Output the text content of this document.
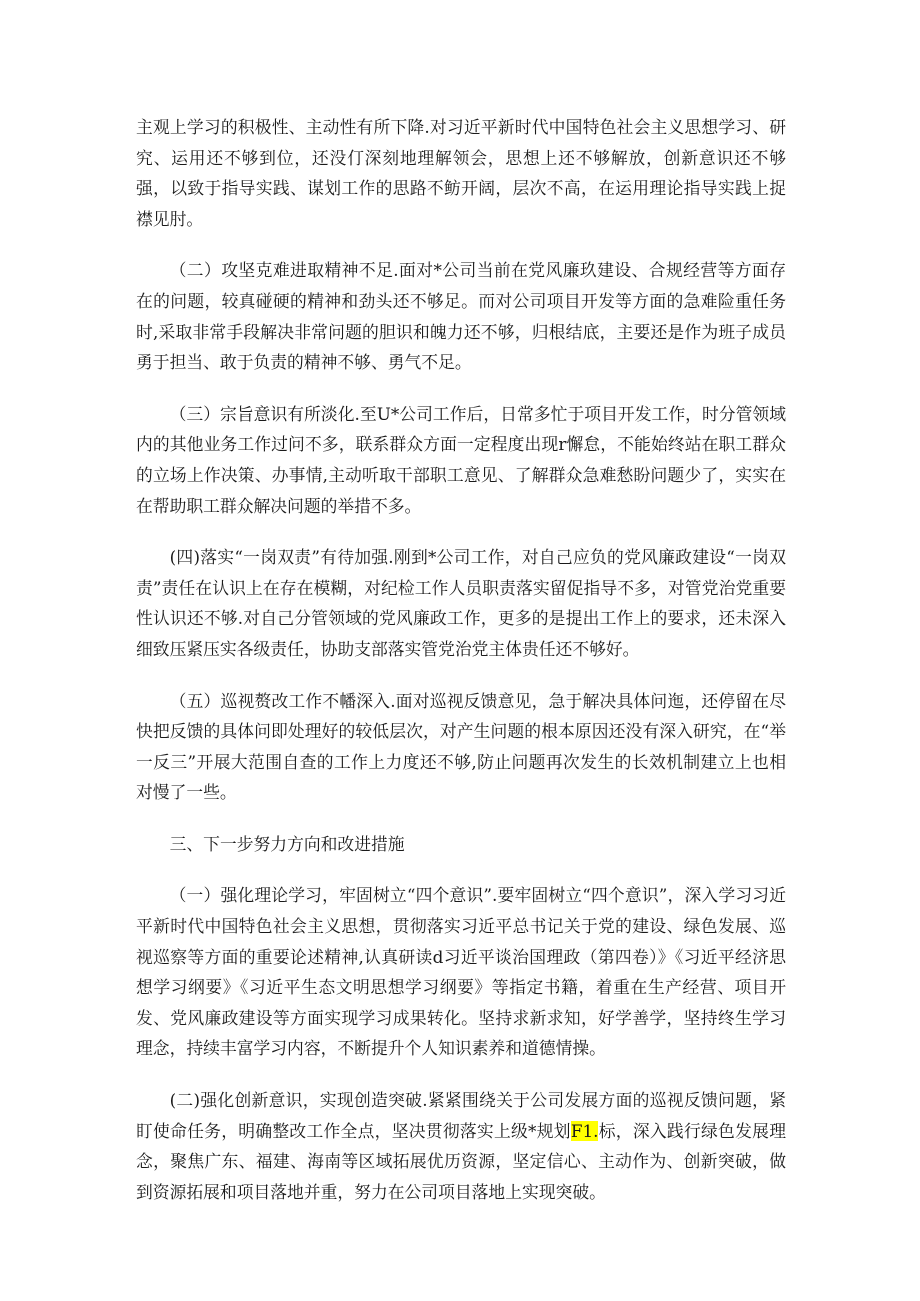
主观上学习的积极性、主动性有所下降.对习近平新时代中国特色社会主义思想学习、研究、运用还不够到位，还没仃深刻地理解领会，思想上还不够解放，创新意识还不够强，以致于指导实践、谋划工作的思路不鲂开阔，层次不高，在运用理论指导实践上捉襟见肘。

（二）攻坚克难进取精神不足.面对*公司当前在党风廉玖建设、合规经营等方面存在的问题，较真碰硬的精神和劲头还不够足。而对公司项目开发等方面的急难险重任务时,采取非常手段解决非常问题的胆识和魄力还不够，归根结底，主要还是作为班子成员勇于担当、敢于负责的精神不够、勇气不足。

（三）宗旨意识有所淡化.至U*公司工作后，日常多忙于项目开发工作，时分管领域内的其他业务工作过问不多，联系群众方面一定程度出现r懈怠，不能始终站在职工群众的立场上作决策、办事情,主动听取干部职工意见、了解群众急难愁盼问题少了，实实在在帮助职工群众解决问题的举措不多。

(四)落实“一岗双责”有待加强.刚到*公司工作，对自己应负的党风廉政建设“一岗双责”责任在认识上在存在模糊，对纪检工作人员职责落实留促指导不多，对管党治党重要性认识还不够.对自己分管领域的党风廉政工作，更多的是提出工作上的要求，还未深入细致压紧压实各级责任，协助支部落实管党治党主体贵任还不够好。

（五）巡视赘改工作不幡深入.面对巡视反馈意见，急于解决具体问迤，还停留在尽快把反馈的具体问即处理好的较低层次，对产生问题的根本原因还没有深入研究，在“举一反三”开展大范围自查的工作上力度还不够,防止问题再次发生的长效机制建立上也相对慢了一些。

三、下一步努力方向和改进措施

（一）强化理论学习，牢固树立“四个意识”.要牢固树立“四个意识”，深入学习习近平新时代中国特色社会主义思想，贯彻落实习近平总书记关于党的建设、绿色发展、巡视巡察等方面的重要论述精神,认真研读d习近平谈治国理政（第四卷）》《习近平经济思想学习纲要》《习近平生态文明思想学习纲要》等指定书籍，着重在生产经营、项目开发、党风廉政建设等方面实现学习成果转化。坚持求新求知，好学善学，坚持终生学习理念，持续丰富学习内容，不断提升个人知识素养和道德情操。

(二)强化创新意识，实现创造突破.紧紧围绕关于公司发展方面的巡视反馈问题，紧盯使命任务，明确整改工作全点，坚决贯彻落实上级*规划F1.标，深入践行绿色发展理念，聚焦广东、福建、海南等区域拓展优历资源，坚定信心、主动作为、创新突破，做到资源拓展和项目落地并重，努力在公司项目落地上实现突破。
